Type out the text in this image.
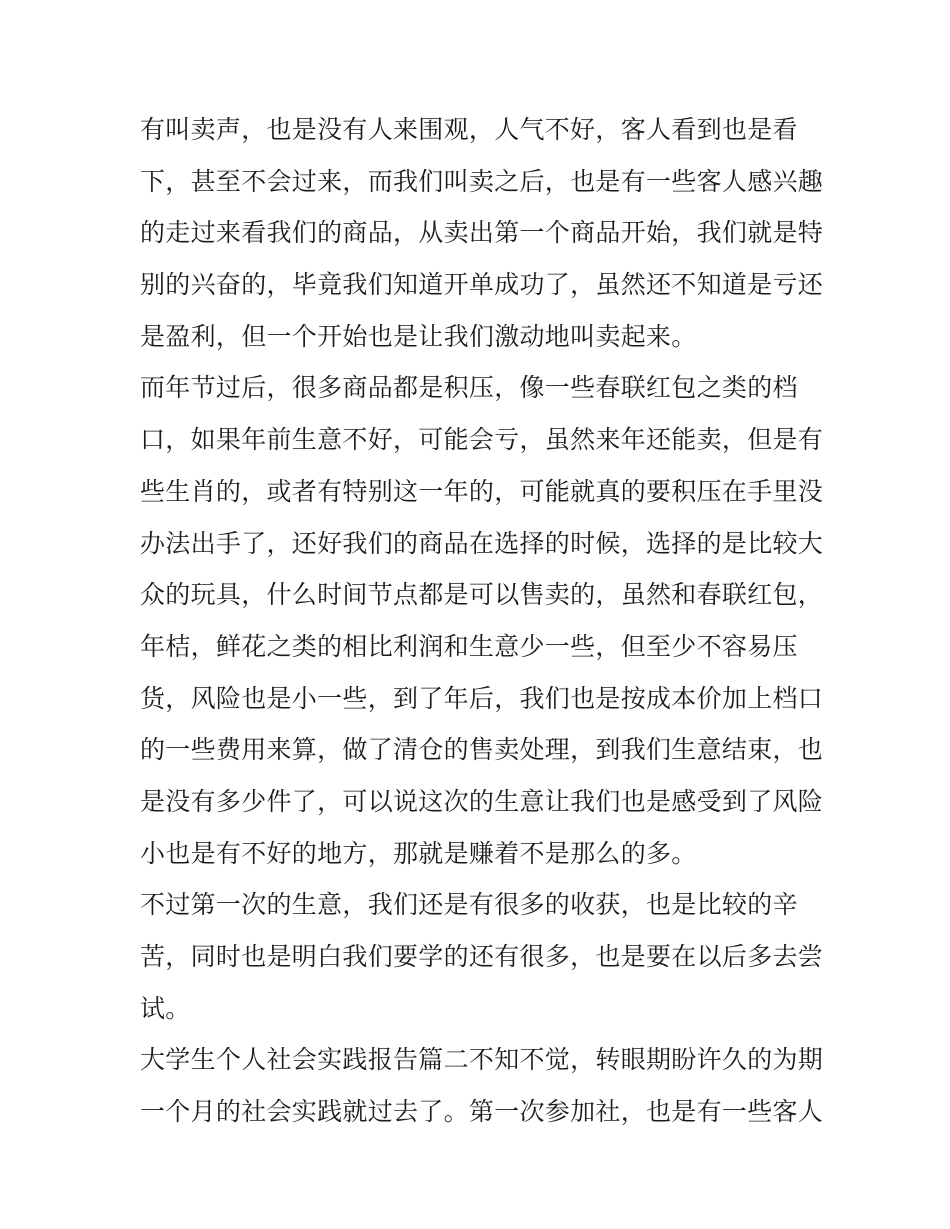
有叫卖声，也是没有人来围观，人气不好，客人看到也是看
下，甚至不会过来，而我们叫卖之后，也是有一些客人感兴趣
的走过来看我们的商品，从卖出第一个商品开始，我们就是特
别的兴奋的，毕竟我们知道开单成功了，虽然还不知道是亏还
是盈利，但一个开始也是让我们激动地叫卖起来。
而年节过后，很多商品都是积压，像一些春联红包之类的档
口，如果年前生意不好，可能会亏，虽然来年还能卖，但是有
些生肖的，或者有特别这一年的，可能就真的要积压在手里没
办法出手了，还好我们的商品在选择的时候，选择的是比较大
众的玩具，什么时间节点都是可以售卖的，虽然和春联红包，
年桔，鲜花之类的相比利润和生意少一些，但至少不容易压
货，风险也是小一些，到了年后，我们也是按成本价加上档口
的一些费用来算，做了清仓的售卖处理，到我们生意结束，也
是没有多少件了，可以说这次的生意让我们也是感受到了风险
小也是有不好的地方，那就是赚着不是那么的多。
不过第一次的生意，我们还是有很多的收获，也是比较的辛
苦，同时也是明白我们要学的还有很多，也是要在以后多去尝
试。
大学生个人社会实践报告篇二不知不觉，转眼期盼许久的为期
一个月的社会实践就过去了。第一次参加社，也是有一些客人
